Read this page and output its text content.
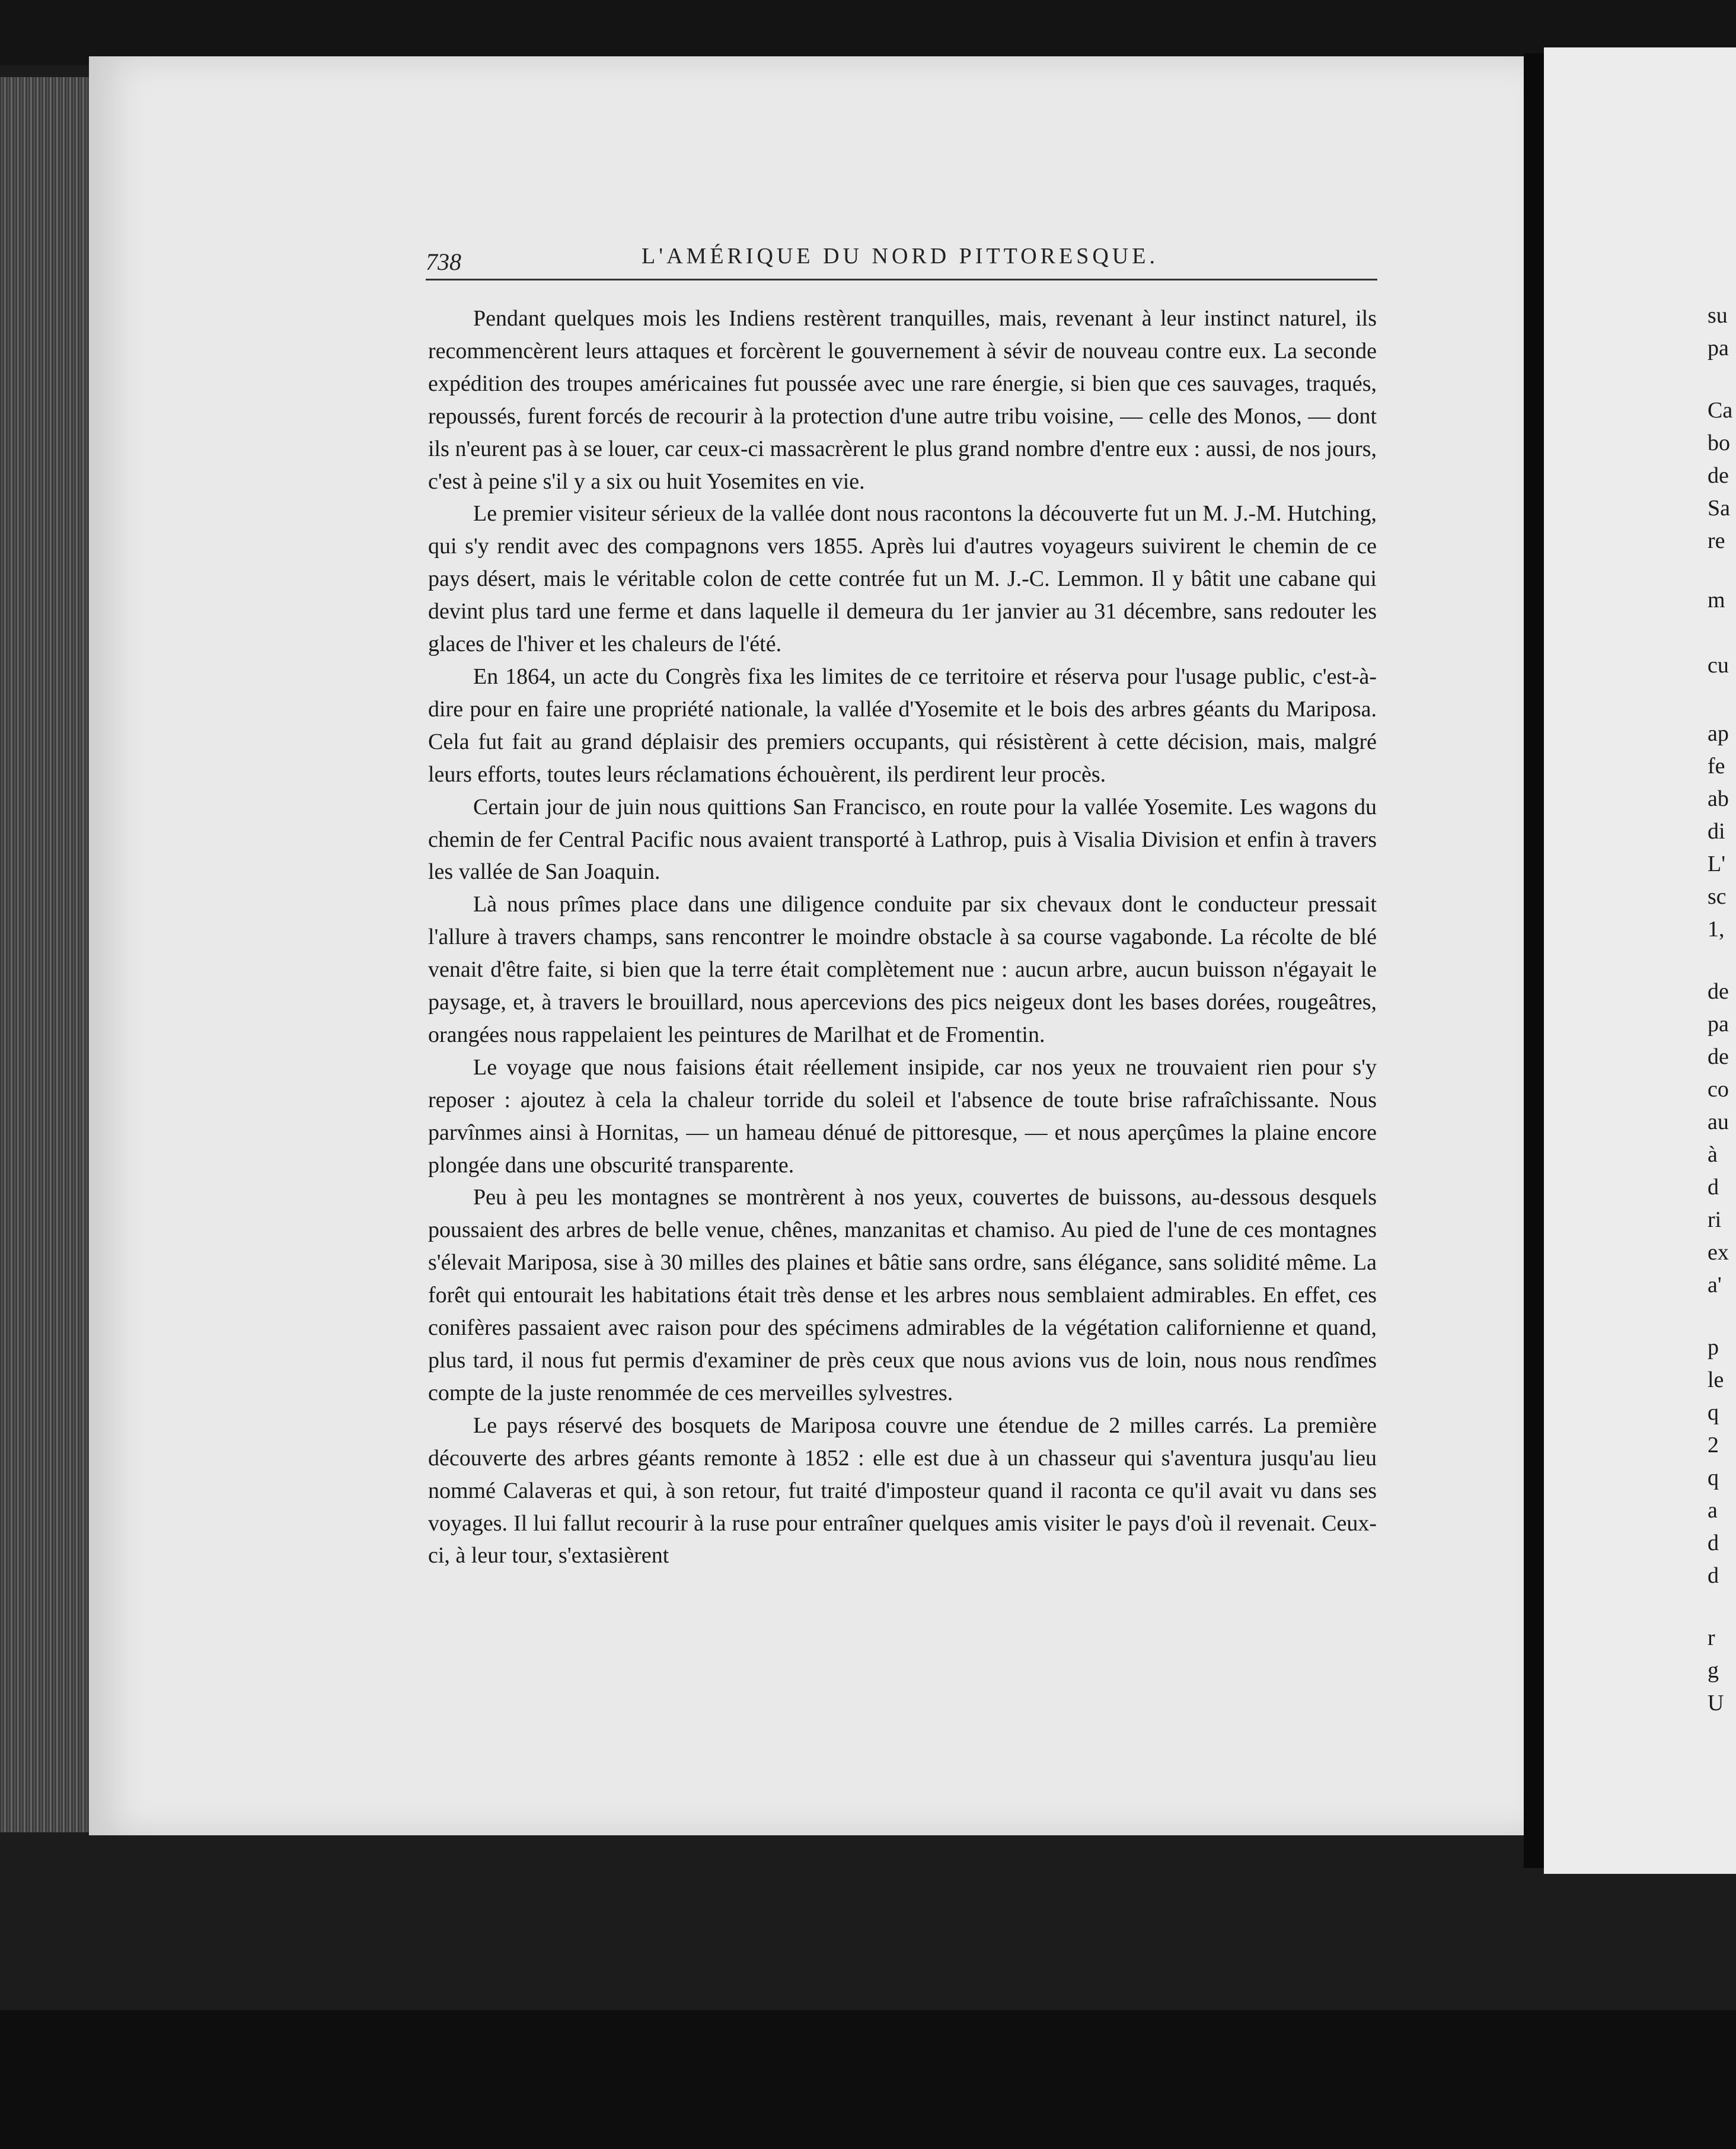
738	L'AMÉRIQUE DU NORD PITTORESQUE.

Pendant quelques mois les Indiens restèrent tranquilles, mais, revenant à leur instinct naturel, ils recommencèrent leurs attaques et forcèrent le gouvernement à sévir de nouveau contre eux. La seconde expédition des troupes américaines fut poussée avec une rare énergie, si bien que ces sauvages, traqués, repoussés, furent forcés de recourir à la protection d'une autre tribu voisine, — celle des Monos, — dont ils n'eurent pas à se louer, car ceux-ci massacrèrent le plus grand nombre d'entre eux : aussi, de nos jours, c'est à peine s'il y a six ou huit Yosemites en vie.

Le premier visiteur sérieux de la vallée dont nous racontons la découverte fut un M. J.-M. Hutching, qui s'y rendit avec des compagnons vers 1855. Après lui d'autres voyageurs suivirent le chemin de ce pays désert, mais le véritable colon de cette contrée fut un M. J.-C. Lemmon. Il y bâtit une cabane qui devint plus tard une ferme et dans laquelle il demeura du 1er janvier au 31 décembre, sans redouter les glaces de l'hiver et les chaleurs de l'été.

En 1864, un acte du Congrès fixa les limites de ce territoire et réserva pour l'usage public, c'est-à-dire pour en faire une propriété nationale, la vallée d'Yosemite et le bois des arbres géants du Mariposa. Cela fut fait au grand déplaisir des premiers occupants, qui résistèrent à cette décision, mais, malgré leurs efforts, toutes leurs réclamations échouèrent, ils perdirent leur procès.

Certain jour de juin nous quittions San Francisco, en route pour la vallée Yosemite. Les wagons du chemin de fer Central Pacific nous avaient transporté à Lathrop, puis à Visalia Division et enfin à travers les vallée de San Joaquin.

Là nous prîmes place dans une diligence conduite par six chevaux dont le conducteur pressait l'allure à travers champs, sans rencontrer le moindre obstacle à sa course vagabonde. La récolte de blé venait d'être faite, si bien que la terre était complètement nue : aucun arbre, aucun buisson n'égayait le paysage, et, à travers le brouillard, nous apercevions des pics neigeux dont les bases dorées, rougeâtres, orangées nous rappelaient les peintures de Marilhat et de Fromentin.

Le voyage que nous faisions était réellement insipide, car nos yeux ne trouvaient rien pour s'y reposer : ajoutez à cela la chaleur torride du soleil et l'absence de toute brise rafraîchissante. Nous parvînmes ainsi à Hornitas, — un hameau dénué de pittoresque, — et nous aperçûmes la plaine encore plongée dans une obscurité transparente.

Peu à peu les montagnes se montrèrent à nos yeux, couvertes de buissons, au-dessous desquels poussaient des arbres de belle venue, chênes, manzanitas et chamiso. Au pied de l'une de ces montagnes s'élevait Mariposa, sise à 30 milles des plaines et bâtie sans ordre, sans élégance, sans solidité même. La forêt qui entourait les habitations était très dense et les arbres nous semblaient admirables. En effet, ces conifères passaient avec raison pour des spécimens admirables de la végétation californienne et quand, plus tard, il nous fut permis d'examiner de près ceux que nous avions vus de loin, nous nous rendîmes compte de la juste renommée de ces merveilles sylvestres.

Le pays réservé des bosquets de Mariposa couvre une étendue de 2 milles carrés. La première découverte des arbres géants remonte à 1852 : elle est due à un chasseur qui s'aventura jusqu'au lieu nommé Calaveras et qui, à son retour, fut traité d'imposteur quand il raconta ce qu'il avait vu dans ses voyages. Il lui fallut recourir à la ruse pour entraîner quelques amis visiter le pays d'où il revenait. Ceux-ci, à leur tour, s'extasièrent

su
pa
Ca
bo
de
Sa
re
m
cu
ap
fe
ab
di
L'
sc
1,
de
pa
de
co
au
à
d
ri
ex
a'
p
le
q
2
q
a
d
d
r
g
U
